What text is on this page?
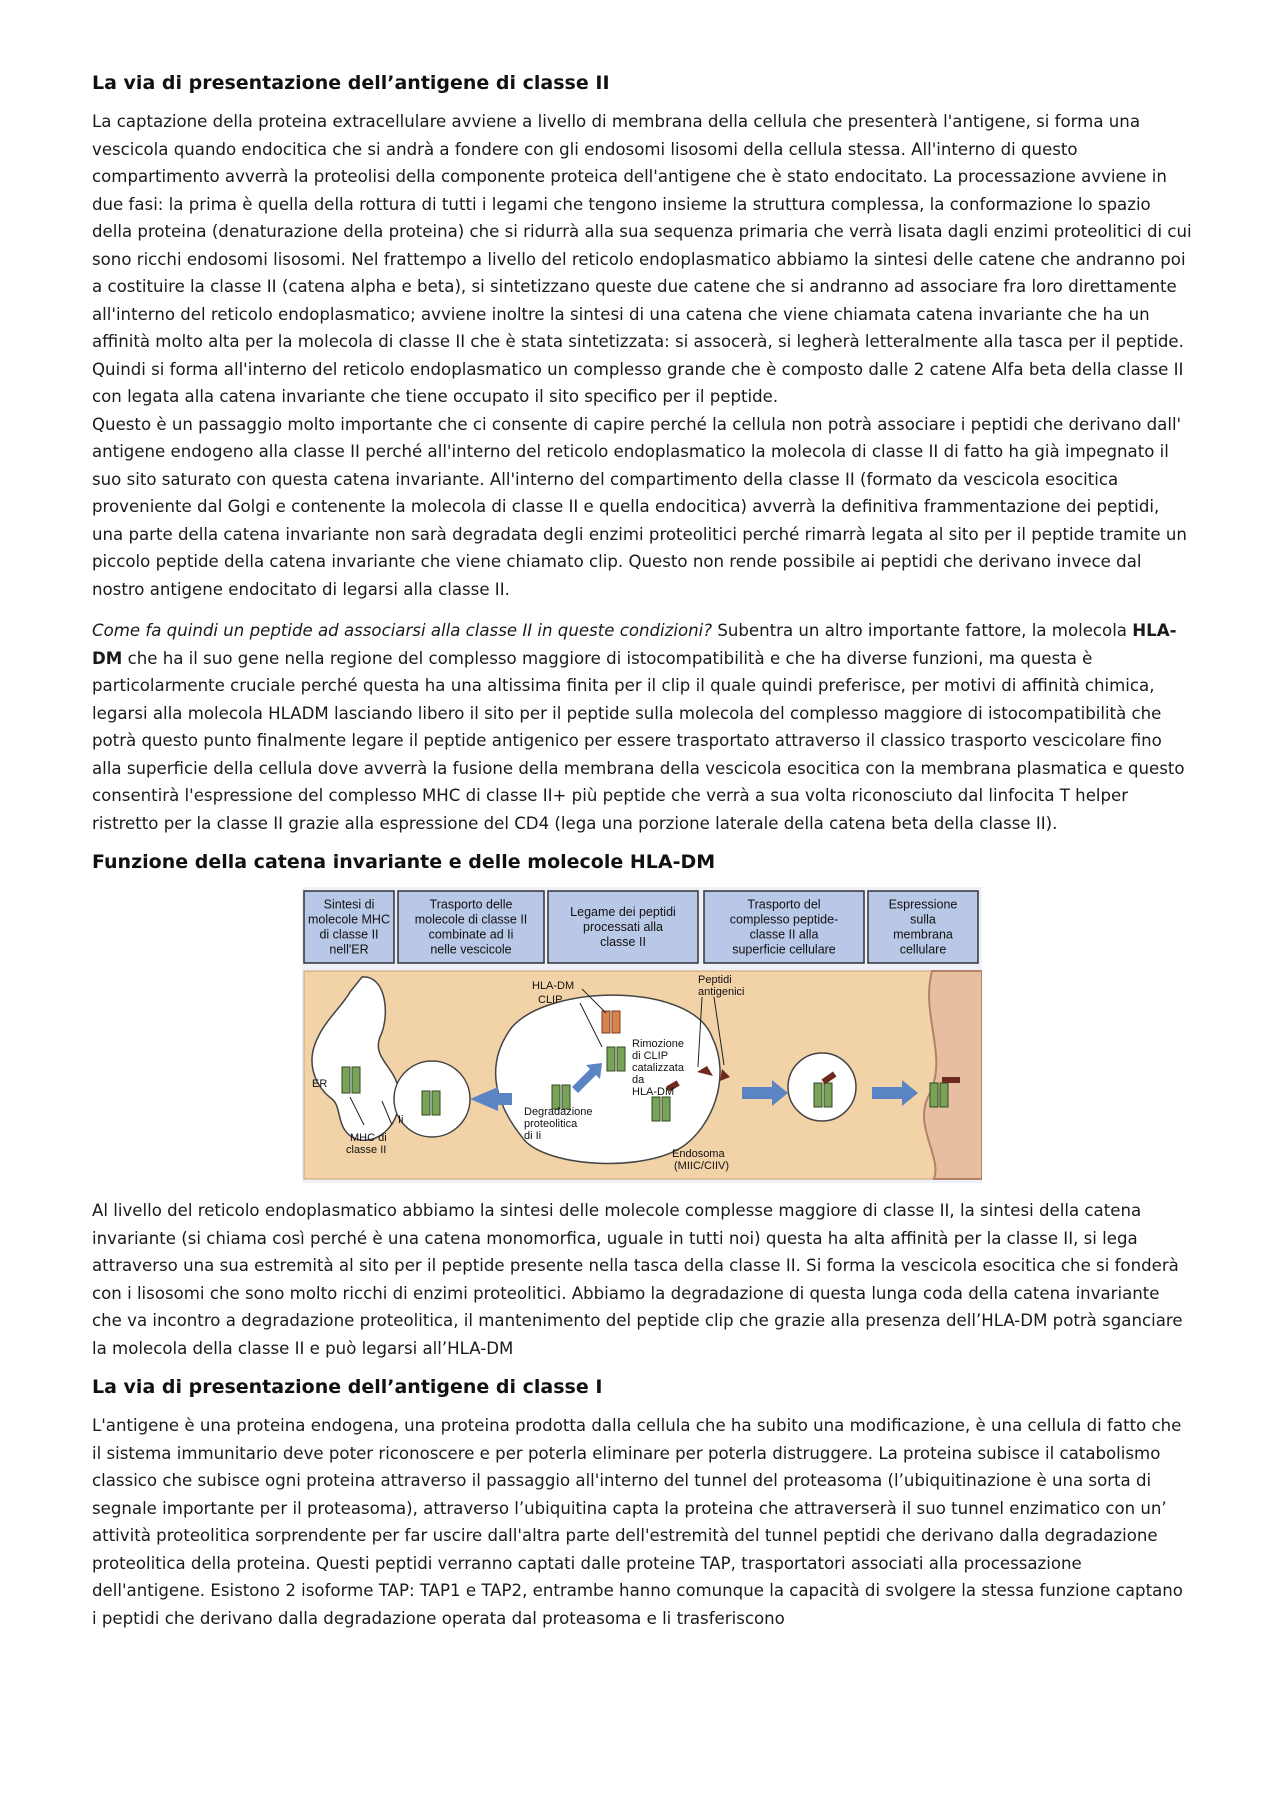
La via di presentazione dell’antigene di classe II

La captazione della proteina extracellulare avviene a livello di membrana della cellula che presenterà l'antigene, si forma una vescicola quando endocitica che si andrà a fondere con gli endosomi lisosomi della cellula stessa. All'interno di questo compartimento avverrà la proteolisi della componente proteica dell'antigene che è stato endocitato. La processazione avviene in due fasi: la prima è quella della rottura di tutti i legami che tengono insieme la struttura complessa, la conformazione lo spazio della proteina (denaturazione della proteina) che si ridurrà alla sua sequenza primaria che verrà lisata dagli enzimi proteolitici di cui sono ricchi endosomi lisosomi. Nel frattempo a livello del reticolo endoplasmatico abbiamo la sintesi delle catene che andranno poi a costituire la classe II (catena alpha e beta), si sintetizzano queste due catene che si andranno ad associare fra loro direttamente all'interno del reticolo endoplasmatico; avviene inoltre la sintesi di una catena che viene chiamata catena invariante che ha un affinità molto alta per la molecola di classe II che è stata sintetizzata: si assocerà, si legherà letteralmente alla tasca per il peptide. Quindi si forma all'interno del reticolo endoplasmatico un complesso grande che è composto dalle 2 catene Alfa beta della classe II con legata alla catena invariante che tiene occupato il sito specifico per il peptide.

Questo è un passaggio molto importante che ci consente di capire perché la cellula non potrà associare i peptidi che derivano dall' antigene endogeno alla classe II perché all'interno del reticolo endoplasmatico la molecola di classe II di fatto ha già impegnato il suo sito saturato con questa catena invariante. All'interno del compartimento della classe II (formato da vescicola esocitica proveniente dal Golgi e contenente la molecola di classe II e quella endocitica) avverrà la definitiva frammentazione dei peptidi, una parte della catena invariante non sarà degradata degli enzimi proteolitici perché rimarrà legata al sito per il peptide tramite un piccolo peptide della catena invariante che viene chiamato clip. Questo non rende possibile ai peptidi che derivano invece dal nostro antigene endocitato di legarsi alla classe II.

Come fa quindi un peptide ad associarsi alla classe II in queste condizioni? Subentra un altro importante fattore, la molecola HLA-DM che ha il suo gene nella regione del complesso maggiore di istocompatibilità e che ha diverse funzioni, ma questa è particolarmente cruciale perché questa ha una altissima finita per il clip il quale quindi preferisce, per motivi di affinità chimica, legarsi alla molecola HLADM lasciando libero il sito per il peptide sulla molecola del complesso maggiore di istocompatibilità che potrà questo punto finalmente legare il peptide antigenico per essere trasportato attraverso il classico trasporto vescicolare fino alla superficie della cellula dove avverrà la fusione della membrana della vescicola esocitica con la membrana plasmatica e questo consentirà l'espressione del complesso MHC di classe II+ più peptide che verrà a sua volta riconosciuto dal linfocita T helper ristretto per la classe II grazie alla espressione del CD4 (lega una porzione laterale della catena beta della classe II).

Funzione della catena invariante e delle molecole HLA-DM
Sintesi di
molecole MHC
di classe II
nell'ER
Trasporto delle
molecole di classe II
combinate ad Ii
nelle vescicole
Legame dei peptidi
processati alla
classe II
Trasporto del
complesso peptide-
classe II alla
superficie cellulare
Espressione
sulla
membrana
cellulare
ER
Ii
MHC di
classe II
HLA-DM
CLIP
Peptidi
antigenici
Rimozione
di CLIP
catalizzata
da
HLA-DM
Degradazione
proteolitica
di Ii
Endosoma
(MIIC/CIIV)

Al livello del reticolo endoplasmatico abbiamo la sintesi delle molecole complesse maggiore di classe II, la sintesi della catena invariante (si chiama così perché è una catena monomorfica, uguale in tutti noi) questa ha alta affinità per la classe II, si lega attraverso una sua estremità al sito per il peptide presente nella tasca della classe II. Si forma la vescicola esocitica che si fonderà con i lisosomi che sono molto ricchi di enzimi proteolitici. Abbiamo la degradazione di questa lunga coda della catena invariante che va incontro a degradazione proteolitica, il mantenimento del peptide clip che grazie alla presenza dell’HLA-DM potrà sganciare la molecola della classe II e può legarsi all’HLA-DM

La via di presentazione dell’antigene di classe I

L'antigene è una proteina endogena, una proteina prodotta dalla cellula che ha subito una modificazione, è una cellula di fatto che il sistema immunitario deve poter riconoscere e per poterla eliminare per poterla distruggere. La proteina subisce il catabolismo classico che subisce ogni proteina attraverso il passaggio all'interno del tunnel del proteasoma (l’ubiquitinazione è una sorta di segnale importante per il proteasoma), attraverso l’ubiquitina capta la proteina che attraverserà il suo tunnel enzimatico con un’ attività proteolitica sorprendente per far uscire dall'altra parte dell'estremità del tunnel peptidi che derivano dalla degradazione proteolitica della proteina. Questi peptidi verranno captati dalle proteine TAP, trasportatori associati alla processazione dell'antigene. Esistono 2 isoforme TAP: TAP1 e TAP2, entrambe hanno comunque la capacità di svolgere la stessa funzione captano i peptidi che derivano dalla degradazione operata dal proteasoma e li trasferiscono
